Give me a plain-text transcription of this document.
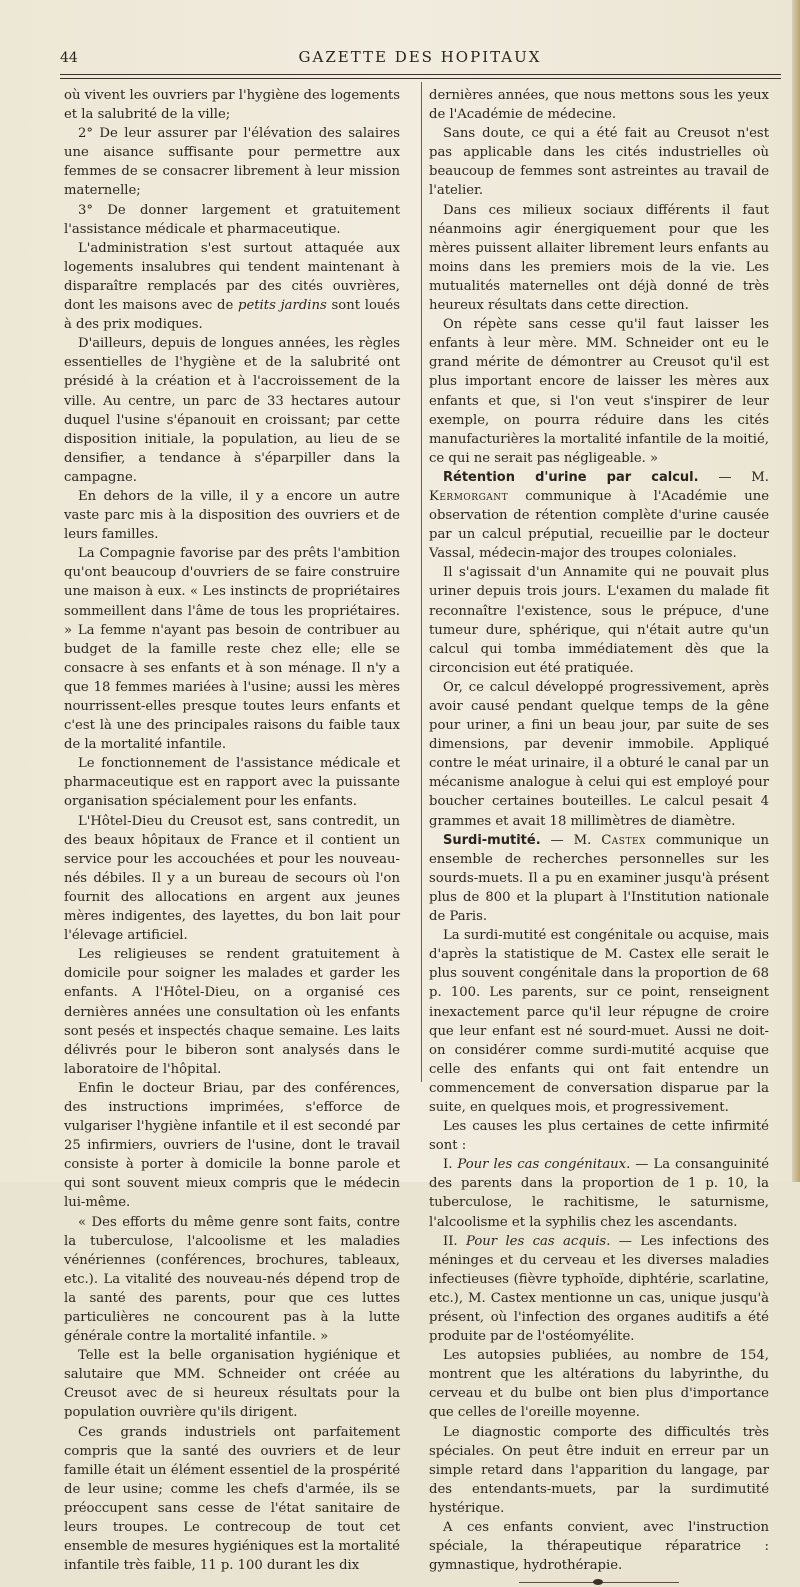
44	GAZETTE DES HOPITAUX

où vivent les ouvriers par l'hygiène des logements et la salubrité de la ville;

2° De leur assurer par l'élévation des salaires une aisance suffisante pour permettre aux femmes de se consacrer librement à leur mission maternelle;

3° De donner largement et gratuitement l'assistance médicale et pharmaceutique.

L'administration s'est surtout attaquée aux logements insalubres qui tendent maintenant à disparaître remplacés par des cités ouvrières, dont les maisons avec de petits jardins sont loués à des prix modiques.

D'ailleurs, depuis de longues années, les règles essentielles de l'hygiène et de la salubrité ont présidé à la création et à l'accroissement de la ville. Au centre, un parc de 33 hectares autour duquel l'usine s'épanouit en croissant; par cette disposition initiale, la population, au lieu de se densifier, a tendance à s'éparpiller dans la campagne.

En dehors de la ville, il y a encore un autre vaste parc mis à la disposition des ouvriers et de leurs familles.

La Compagnie favorise par des prêts l'ambition qu'ont beaucoup d'ouvriers de se faire construire une maison à eux. « Les instincts de propriétaires sommeillent dans l'âme de tous les propriétaires. » La femme n'ayant pas besoin de contribuer au budget de la famille reste chez elle; elle se consacre à ses enfants et à son ménage. Il n'y a que 18 femmes mariées à l'usine; aussi les mères nourrissent-elles presque toutes leurs enfants et c'est là une des principales raisons du faible taux de la mortalité infantile.

Le fonctionnement de l'assistance médicale et pharmaceutique est en rapport avec la puissante organisation spécialement pour les enfants.

L'Hôtel-Dieu du Creusot est, sans contredit, un des beaux hôpitaux de France et il contient un service pour les accouchées et pour les nouveau-nés débiles. Il y a un bureau de secours où l'on fournit des allocations en argent aux jeunes mères indigentes, des layettes, du bon lait pour l'élevage artificiel.

Les religieuses se rendent gratuitement à domicile pour soigner les malades et garder les enfants. A l'Hôtel-Dieu, on a organisé ces dernières années une consultation où les enfants sont pesés et inspectés chaque semaine. Les laits délivrés pour le biberon sont analysés dans le laboratoire de l'hôpital.

Enfin le docteur Briau, par des conférences, des instructions imprimées, s'efforce de vulgariser l'hygiène infantile et il est secondé par 25 infirmiers, ouvriers de l'usine, dont le travail consiste à porter à domicile la bonne parole et qui sont souvent mieux compris que le médecin lui-même.

« Des efforts du même genre sont faits, contre la tuberculose, l'alcoolisme et les maladies vénériennes (conférences, brochures, tableaux, etc.). La vitalité des nouveau-nés dépend trop de la santé des parents, pour que ces luttes particulières ne concourent pas à la lutte générale contre la mortalité infantile. »

Telle est la belle organisation hygiénique et salutaire que MM. Schneider ont créée au Creusot avec de si heureux résultats pour la population ouvrière qu'ils dirigent.

Ces grands industriels ont parfaitement compris que la santé des ouvriers et de leur famille était un élément essentiel de la prospérité de leur usine; comme les chefs d'armée, ils se préoccupent sans cesse de l'état sanitaire de leurs troupes. Le contrecoup de tout cet ensemble de mesures hygiéniques est la mortalité infantile très faible, 11 p. 100 durant les dix

dernières années, que nous mettons sous les yeux de l'Académie de médecine.

Sans doute, ce qui a été fait au Creusot n'est pas applicable dans les cités industrielles où beaucoup de femmes sont astreintes au travail de l'atelier.

Dans ces milieux sociaux différents il faut néanmoins agir énergiquement pour que les mères puissent allaiter librement leurs enfants au moins dans les premiers mois de la vie. Les mutualités maternelles ont déjà donné de très heureux résultats dans cette direction.

On répète sans cesse qu'il faut laisser les enfants à leur mère. MM. Schneider ont eu le grand mérite de démontrer au Creusot qu'il est plus important encore de laisser les mères aux enfants et que, si l'on veut s'inspirer de leur exemple, on pourra réduire dans les cités manufacturières la mortalité infantile de la moitié, ce qui ne serait pas négligeable. »

Rétention d'urine par calcul. — M. Kermorgant communique à l'Académie une observation de rétention complète d'urine causée par un calcul préputial, recueillie par le docteur Vassal, médecin-major des troupes coloniales.

Il s'agissait d'un Annamite qui ne pouvait plus uriner depuis trois jours. L'examen du malade fit reconnaître l'existence, sous le prépuce, d'une tumeur dure, sphérique, qui n'était autre qu'un calcul qui tomba immédiatement dès que la circoncision eut été pratiquée.

Or, ce calcul développé progressivement, après avoir causé pendant quelque temps de la gêne pour uriner, a fini un beau jour, par suite de ses dimensions, par devenir immobile. Appliqué contre le méat urinaire, il a obturé le canal par un mécanisme analogue à celui qui est employé pour boucher certaines bouteilles. Le calcul pesait 4 grammes et avait 18 millimètres de diamètre.

Surdi-mutité. — M. Castex communique un ensemble de recherches personnelles sur les sourds-muets. Il a pu en examiner jusqu'à présent plus de 800 et la plupart à l'Institution nationale de Paris.

La surdi-mutité est congénitale ou acquise, mais d'après la statistique de M. Castex elle serait le plus souvent congénitale dans la proportion de 68 p. 100. Les parents, sur ce point, renseignent inexactement parce qu'il leur répugne de croire que leur enfant est né sourd-muet. Aussi ne doit-on considérer comme surdi-mutité acquise que celle des enfants qui ont fait entendre un commencement de conversation disparue par la suite, en quelques mois, et progressivement.

Les causes les plus certaines de cette infirmité sont :

I. Pour les cas congénitaux. — La consanguinité des parents dans la proportion de 1 p. 10, la tuberculose, le rachitisme, le saturnisme, l'alcoolisme et la syphilis chez les ascendants.

II. Pour les cas acquis. — Les infections des méninges et du cerveau et les diverses maladies infectieuses (fièvre typhoïde, diphtérie, scarlatine, etc.), M. Castex mentionne un cas, unique jusqu'à présent, où l'infection des organes auditifs a été produite par de l'ostéomyélite.

Les autopsies publiées, au nombre de 154, montrent que les altérations du labyrinthe, du cerveau et du bulbe ont bien plus d'importance que celles de l'oreille moyenne.

Le diagnostic comporte des difficultés très spéciales. On peut être induit en erreur par un simple retard dans l'apparition du langage, par des entendants-muets, par la surdimutité hystérique.

A ces enfants convient, avec l'instruction spéciale, la thérapeutique réparatrice : gymnastique, hydrothérapie.
